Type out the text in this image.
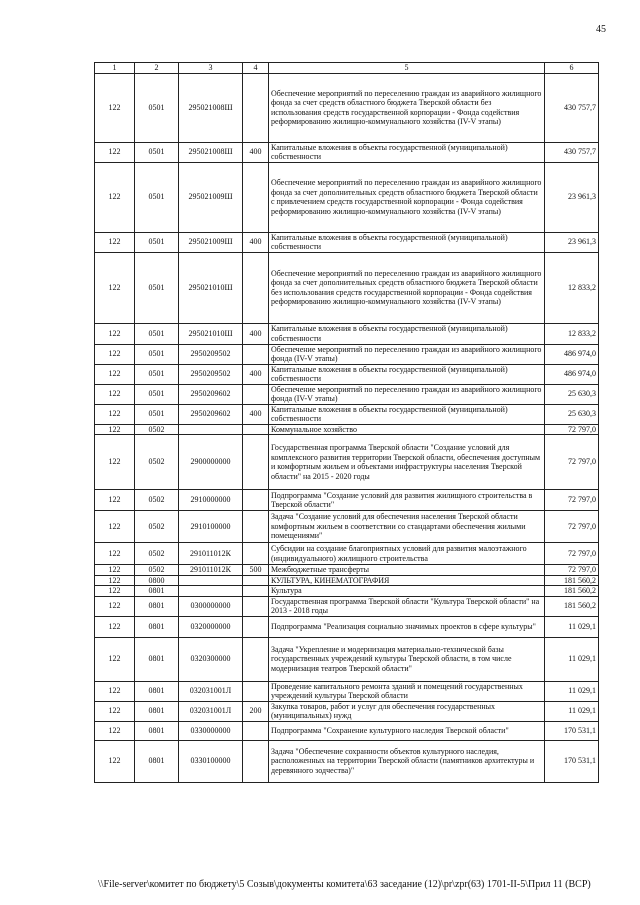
45
1	2	3	4	5	6
122	0501	295021008Ш		Обеспечение мероприятий по переселению граждан из аварийного жилищного фонда за счет средств областного бюджета Тверской области без использования средств государственной корпорации - Фонда содействия реформированию жилищно-коммунального хозяйства (IV-V этапы)	430 757,7
122	0501	295021008Ш	400	Капитальные вложения в объекты государственной (муниципальной) собственности	430 757,7
122	0501	295021009Ш		Обеспечение мероприятий по переселению граждан из аварийного жилищного фонда за счет дополнительных средств областного бюджета Тверской области с привлечением средств государственной корпорации - Фонда содействия реформированию жилищно-коммунального хозяйства (IV-V этапы)	23 961,3
122	0501	295021009Ш	400	Капитальные вложения в объекты государственной (муниципальной) собственности	23 961,3
122	0501	295021010Ш		Обеспечение мероприятий по переселению граждан из аварийного жилищного фонда за счет дополнительных средств областного бюджета Тверской области без использования средств государственной корпорации - Фонда содействия реформированию жилищно-коммунального хозяйства (IV-V этапы)	12 833,2
122	0501	295021010Ш	400	Капитальные вложения в объекты государственной (муниципальной) собственности	12 833,2
122	0501	2950209502		Обеспечение мероприятий по переселению граждан из аварийного жилищного фонда (IV-V этапы)	486 974,0
122	0501	2950209502	400	Капитальные вложения в объекты государственной (муниципальной) собственности	486 974,0
122	0501	2950209602		Обеспечение мероприятий по переселению граждан из аварийного жилищного фонда (IV-V этапы)	25 630,3
122	0501	2950209602	400	Капитальные вложения в объекты государственной (муниципальной) собственности	25 630,3
122	0502			Коммунальное хозяйство	72 797,0
122	0502	2900000000		Государственная программа Тверской области "Создание условий для комплексного развития территории Тверской области, обеспечения доступным и комфортным жильем и объектами инфраструктуры населения Тверской области" на 2015 - 2020 годы	72 797,0
122	0502	2910000000		Подпрограмма "Создание условий для развития жилищного строительства в Тверской области"	72 797,0
122	0502	2910100000		Задача "Создание условий для обеспечения населения Тверской области комфортным жильем в соответствии со стандартами обеспечения жилыми помещениями"	72 797,0
122	0502	291011012К		Субсидии на создание благоприятных условий для развития малоэтажного (индивидуального) жилищного строительства	72 797,0
122	0502	291011012К	500	Межбюджетные трансферты	72 797,0
122	0800			КУЛЬТУРА, КИНЕМАТОГРАФИЯ	181 560,2
122	0801			Культура	181 560,2
122	0801	0300000000		Государственная программа Тверской области "Культура Тверской области" на 2013 - 2018 годы	181 560,2
122	0801	0320000000		Подпрограмма "Реализация социально значимых проектов в сфере культуры"	11 029,1
122	0801	0320300000		Задача "Укрепление и модернизация материально-технической базы государственных учреждений культуры Тверской области, в том числе модернизация театров Тверской области"	11 029,1
122	0801	032031001Л		Проведение капитального ремонта зданий и помещений государственных учреждений культуры Тверской области	11 029,1
122	0801	032031001Л	200	Закупка товаров, работ и услуг для обеспечения государственных (муниципальных) нужд	11 029,1
122	0801	0330000000		Подпрограмма "Сохранение культурного наследия Тверской области"	170 531,1
122	0801	0330100000		Задача "Обеспечение сохранности объектов культурного наследия, расположенных на территории Тверской области (памятников архитектуры и деревянного зодчества)"	170 531,1
\\File-server\комитет по бюджету\5 Созыв\документы комитета\63 заседание (12)\pr\zpr(63) 1701-II-5\Прил 11 (ВСР)
